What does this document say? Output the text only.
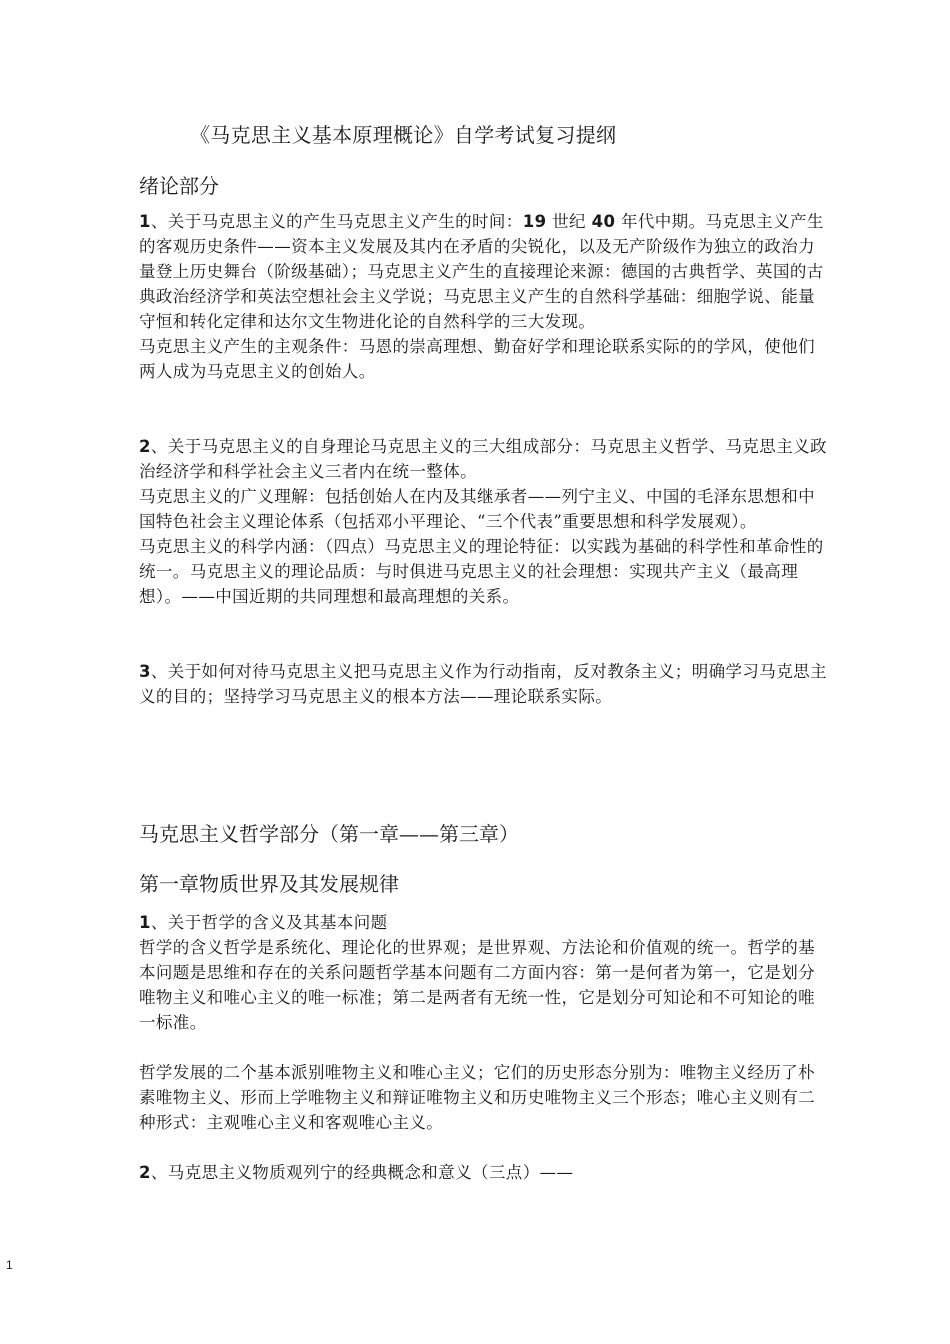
《马克思主义基本原理概论》自学考试复习提纲
绪论部分

1、关于马克思主义的产生马克思主义产生的时间：19 世纪 40 年代中期。马克思主义产生的客观历史条件——资本主义发展及其内在矛盾的尖锐化，以及无产阶级作为独立的政治力量登上历史舞台（阶级基础）；马克思主义产生的直接理论来源：德国的古典哲学、英国的古典政治经济学和英法空想社会主义学说；马克思主义产生的自然科学基础：细胞学说、能量守恒和转化定律和达尔文生物进化论的自然科学的三大发现。

马克思主义产生的主观条件：马恩的崇高理想、勤奋好学和理论联系实际的的学风，使他们两人成为马克思主义的创始人。

2、关于马克思主义的自身理论马克思主义的三大组成部分：马克思主义哲学、马克思主义政治经济学和科学社会主义三者内在统一整体。

马克思主义的广义理解：包括创始人在内及其继承者——列宁主义、中国的毛泽东思想和中国特色社会主义理论体系（包括邓小平理论、“三个代表”重要思想和科学发展观）。

马克思主义的科学内涵：（四点）马克思主义的理论特征：以实践为基础的科学性和革命性的统一。马克思主义的理论品质：与时俱进马克思主义的社会理想：实现共产主义（最高理想）。——中国近期的共同理想和最高理想的关系。

3、关于如何对待马克思主义把马克思主义作为行动指南，反对教条主义；明确学习马克思主义的目的；坚持学习马克思主义的根本方法——理论联系实际。

马克思主义哲学部分（第一章——第三章）
第一章物质世界及其发展规律

1、关于哲学的含义及其基本问题

哲学的含义哲学是系统化、理论化的世界观；是世界观、方法论和价值观的统一。哲学的基本问题是思维和存在的关系问题哲学基本问题有二方面内容：第一是何者为第一，它是划分唯物主义和唯心主义的唯一标准；第二是两者有无统一性，它是划分可知论和不可知论的唯一标准。

哲学发展的二个基本派别唯物主义和唯心主义；它们的历史形态分别为：唯物主义经历了朴素唯物主义、形而上学唯物主义和辩证唯物主义和历史唯物主义三个形态；唯心主义则有二种形式：主观唯心主义和客观唯心主义。

2、马克思主义物质观列宁的经典概念和意义（三点）——

1
